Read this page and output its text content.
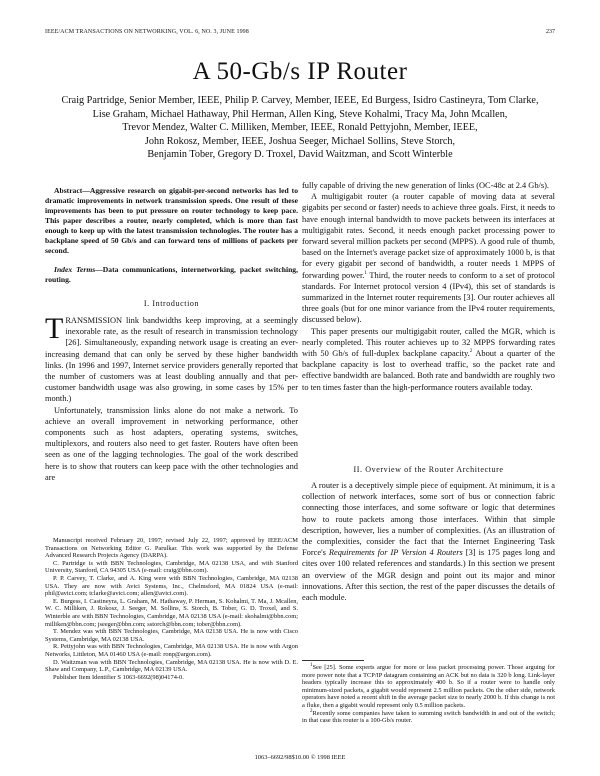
IEEE/ACM TRANSACTIONS ON NETWORKING, VOL. 6, NO. 3, JUNE 1998	237
A 50-Gb/s IP Router
Craig Partridge, Senior Member, IEEE, Philip P. Carvey, Member, IEEE, Ed Burgess, Isidro Castineyra, Tom Clarke,
Lise Graham, Michael Hathaway, Phil Herman, Allen King, Steve Kohalmi, Tracy Ma, John Mcallen,
Trevor Mendez, Walter C. Milliken, Member, IEEE, Ronald Pettyjohn, Member, IEEE,
John Rokosz, Member, IEEE, Joshua Seeger, Michael Sollins, Steve Storch,
Benjamin Tober, Gregory D. Troxel, David Waitzman, and Scott Winterble
Abstract—Aggressive research on gigabit-per-second networks has led to dramatic improvements in network transmission speeds. One result of these improvements has been to put pressure on router technology to keep pace. This paper describes a router, nearly completed, which is more than fast enough to keep up with the latest transmission technologies. The router has a backplane speed of 50 Gb/s and can forward tens of millions of packets per second.
Index Terms—Data communications, internetworking, packet switching, routing.
I. Introduction

TRANSMISSION link bandwidths keep improving, at a seemingly inexorable rate, as the result of research in transmission technology [26]. Simultaneously, expanding network usage is creating an ever-increasing demand that can only be served by these higher bandwidth links. (In 1996 and 1997, Internet service providers generally reported that the number of customers was at least doubling annually and that per-customer bandwidth usage was also growing, in some cases by 15% per month.)

Unfortunately, transmission links alone do not make a network. To achieve an overall improvement in networking performance, other components such as host adapters, operating systems, switches, multiplexors, and routers also need to get faster. Routers have often been seen as one of the lagging technologies. The goal of the work described here is to show that routers can keep pace with the other technologies and are

Manuscript received February 20, 1997; revised July 22, 1997; approved by IEEE/ACM Transactions on Networking Editor G. Parulkar. This work was supported by the Defense Advanced Research Projects Agency (DARPA).

C. Partridge is with BBN Technologies, Cambridge, MA 02138 USA, and with Stanford University, Stanford, CA 94305 USA (e-mail: craig@bbn.com).

P. P. Carvey, T. Clarke, and A. King were with BBN Technologies, Cambridge, MA 02138 USA. They are now with Avici Systems, Inc., Chelmsford, MA 01824 USA (e-mail: phil@avici.com; tclarke@avici.com; allen@avici.com).

E. Burgess, I. Castineyra, L. Graham, M. Hathaway, P. Herman, S. Kohalmi, T. Ma, J. Mcallen, W. C. Milliken, J. Rokosz, J. Seeger, M. Sollins, S. Storch, B. Tober, G. D. Troxel, and S. Winterble are with BBN Technologies, Cambridge, MA 02138 USA (e-mail: skohalmi@bbn.com; milliken@bbn.com; jseeger@bbn.com; sstorch@bbn.com; tober@bbn.com).

T. Mendez was with BBN Technologies, Cambridge, MA 02138 USA. He is now with Cisco Systems, Cambridge, MA 02138 USA.

R. Pettyjohn was with BBN Technologies, Cambridge, MA 02138 USA. He is now with Argon Networks, Littleton, MA 01460 USA (e-mail: ronp@argon.com).

D. Waitzman was with BBN Technologies, Cambridge, MA 02138 USA. He is now with D. E. Shaw and Company, L.P., Cambridge, MA 02139 USA.

Publisher Item Identifier S 1063-6692(98)04174-0.

fully capable of driving the new generation of links (OC-48c at 2.4 Gb/s).

A multigigabit router (a router capable of moving data at several gigabits per second or faster) needs to achieve three goals. First, it needs to have enough internal bandwidth to move packets between its interfaces at multigigabit rates. Second, it needs enough packet processing power to forward several million packets per second (MPPS). A good rule of thumb, based on the Internet's average packet size of approximately 1000 b, is that for every gigabit per second of bandwidth, a router needs 1 MPPS of forwarding power.$^1$ Third, the router needs to conform to a set of protocol standards. For Internet protocol version 4 (IPv4), this set of standards is summarized in the Internet router requirements [3]. Our router achieves all three goals (but for one minor variance from the IPv4 router requirements, discussed below).

This paper presents our multigigabit router, called the MGR, which is nearly completed. This router achieves up to 32 MPPS forwarding rates with 50 Gb/s of full-duplex backplane capacity.$^2$ About a quarter of the backplane capacity is lost to overhead traffic, so the packet rate and effective bandwidth are balanced. Both rate and bandwidth are roughly two to ten times faster than the high-performance routers available today.

II. Overview of the Router Architecture

A router is a deceptively simple piece of equipment. At minimum, it is a collection of network interfaces, some sort of bus or connection fabric connecting those interfaces, and some software or logic that determines how to route packets among those interfaces. Within that simple description, however, lies a number of complexities. (As an illustration of the complexities, consider the fact that the Internet Engineering Task Force's Requirements for IP Version 4 Routers [3] is 175 pages long and cites over 100 related references and standards.) In this section we present an overview of the MGR design and point out its major and minor innovations. After this section, the rest of the paper discusses the details of each module.

$^1$See [25]. Some experts argue for more or less packet processing power. Those arguing for more power note that a TCP/IP datagram containing an ACK but no data is 320 b long. Link-layer headers typically increase this to approximately 400 b. So if a router were to handle only minimum-sized packets, a gigabit would represent 2.5 million packets. On the other side, network operators have noted a recent shift in the average packet size to nearly 2000 b. If this change is not a fluke, then a gigabit would represent only 0.5 million packets.

$^2$Recently some companies have taken to summing switch bandwidth in and out of the switch; in that case this router is a 100-Gb/s router.

1063–6692/98$10.00 © 1998 IEEE
